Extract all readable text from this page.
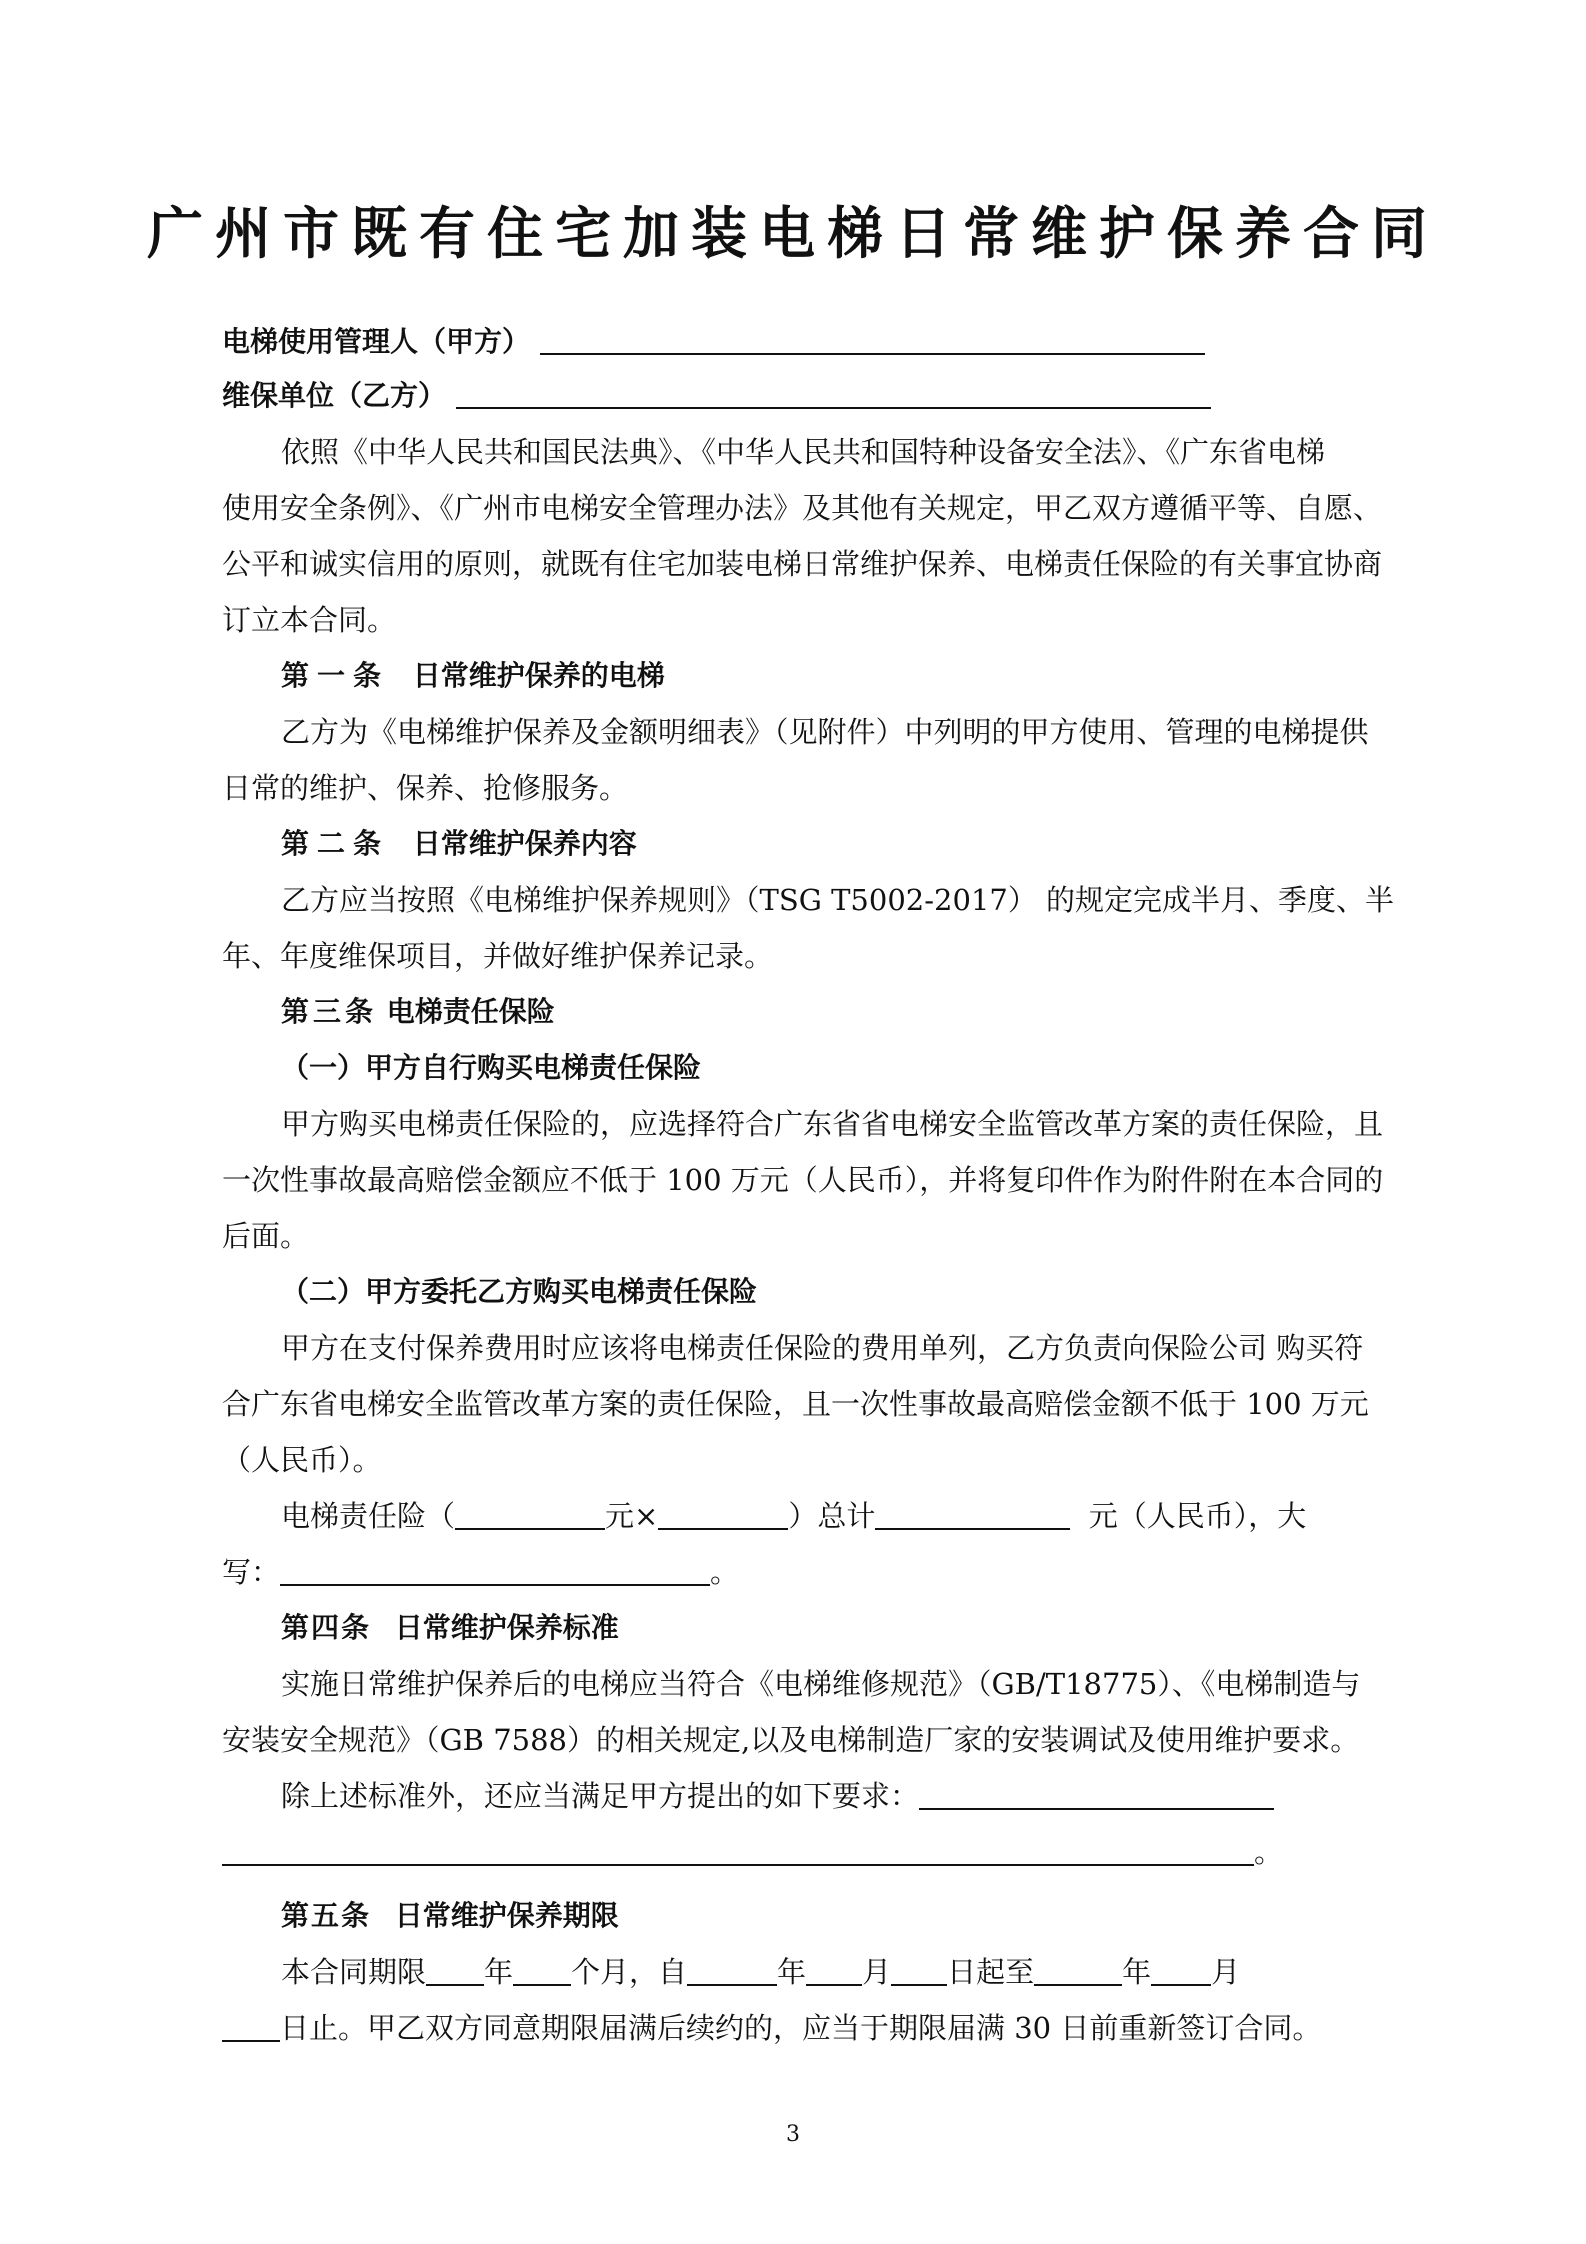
广州市既有住宅加装电梯日常维护保养合同
电梯使用管理人（甲方）
维保单位（乙方）
依照《中华人民共和国民法典》、《中华人民共和国特种设备安全法》、《广东省电梯
使用安全条例》、《广州市电梯安全管理办法》及其他有关规定，甲乙双方遵循平等、自愿、
公平和诚实信用的原则，就既有住宅加装电梯日常维护保养、电梯责任保险的有关事宜协商
订立本合同。
第一条 日常维护保养的电梯
乙方为《电梯维护保养及金额明细表》（见附件）中列明的甲方使用、管理的电梯提供
日常的维护、保养、抢修服务。
第二条 日常维护保养内容
乙方应当按照《电梯维护保养规则》（TSG T5002-2017） 的规定完成半月、季度、半
年、年度维保项目，并做好维护保养记录。
第三条 电梯责任保险
（一）甲方自行购买电梯责任保险
甲方购买电梯责任保险的，应选择符合广东省省电梯安全监管改革方案的责任保险，且
一次性事故最高赔偿金额应不低于 100 万元（人民币），并将复印件作为附件附在本合同的
后面。
（二）甲方委托乙方购买电梯责任保险
甲方在支付保养费用时应该将电梯责任保险的费用单列，乙方负责向保险公司 购买符
合广东省电梯安全监管改革方案的责任保险，且一次性事故最高赔偿金额不低于 100 万元
（人民币）。
电梯责任险（	元×	）总计	元（人民币），大
写：	。
第四条 日常维护保养标准
实施日常维护保养后的电梯应当符合《电梯维修规范》（GB/T18775）、《电梯制造与
安装安全规范》（GB 7588）的相关规定,以及电梯制造厂家的安装调试及使用维护要求。
除上述标准外，还应当满足甲方提出的如下要求：
。
第五条 日常维护保养期限
本合同期限 年 个月，自	年 月 日起至	年 月
日止。甲乙双方同意期限届满后续约的，应当于期限届满 30 日前重新签订合同。
3
